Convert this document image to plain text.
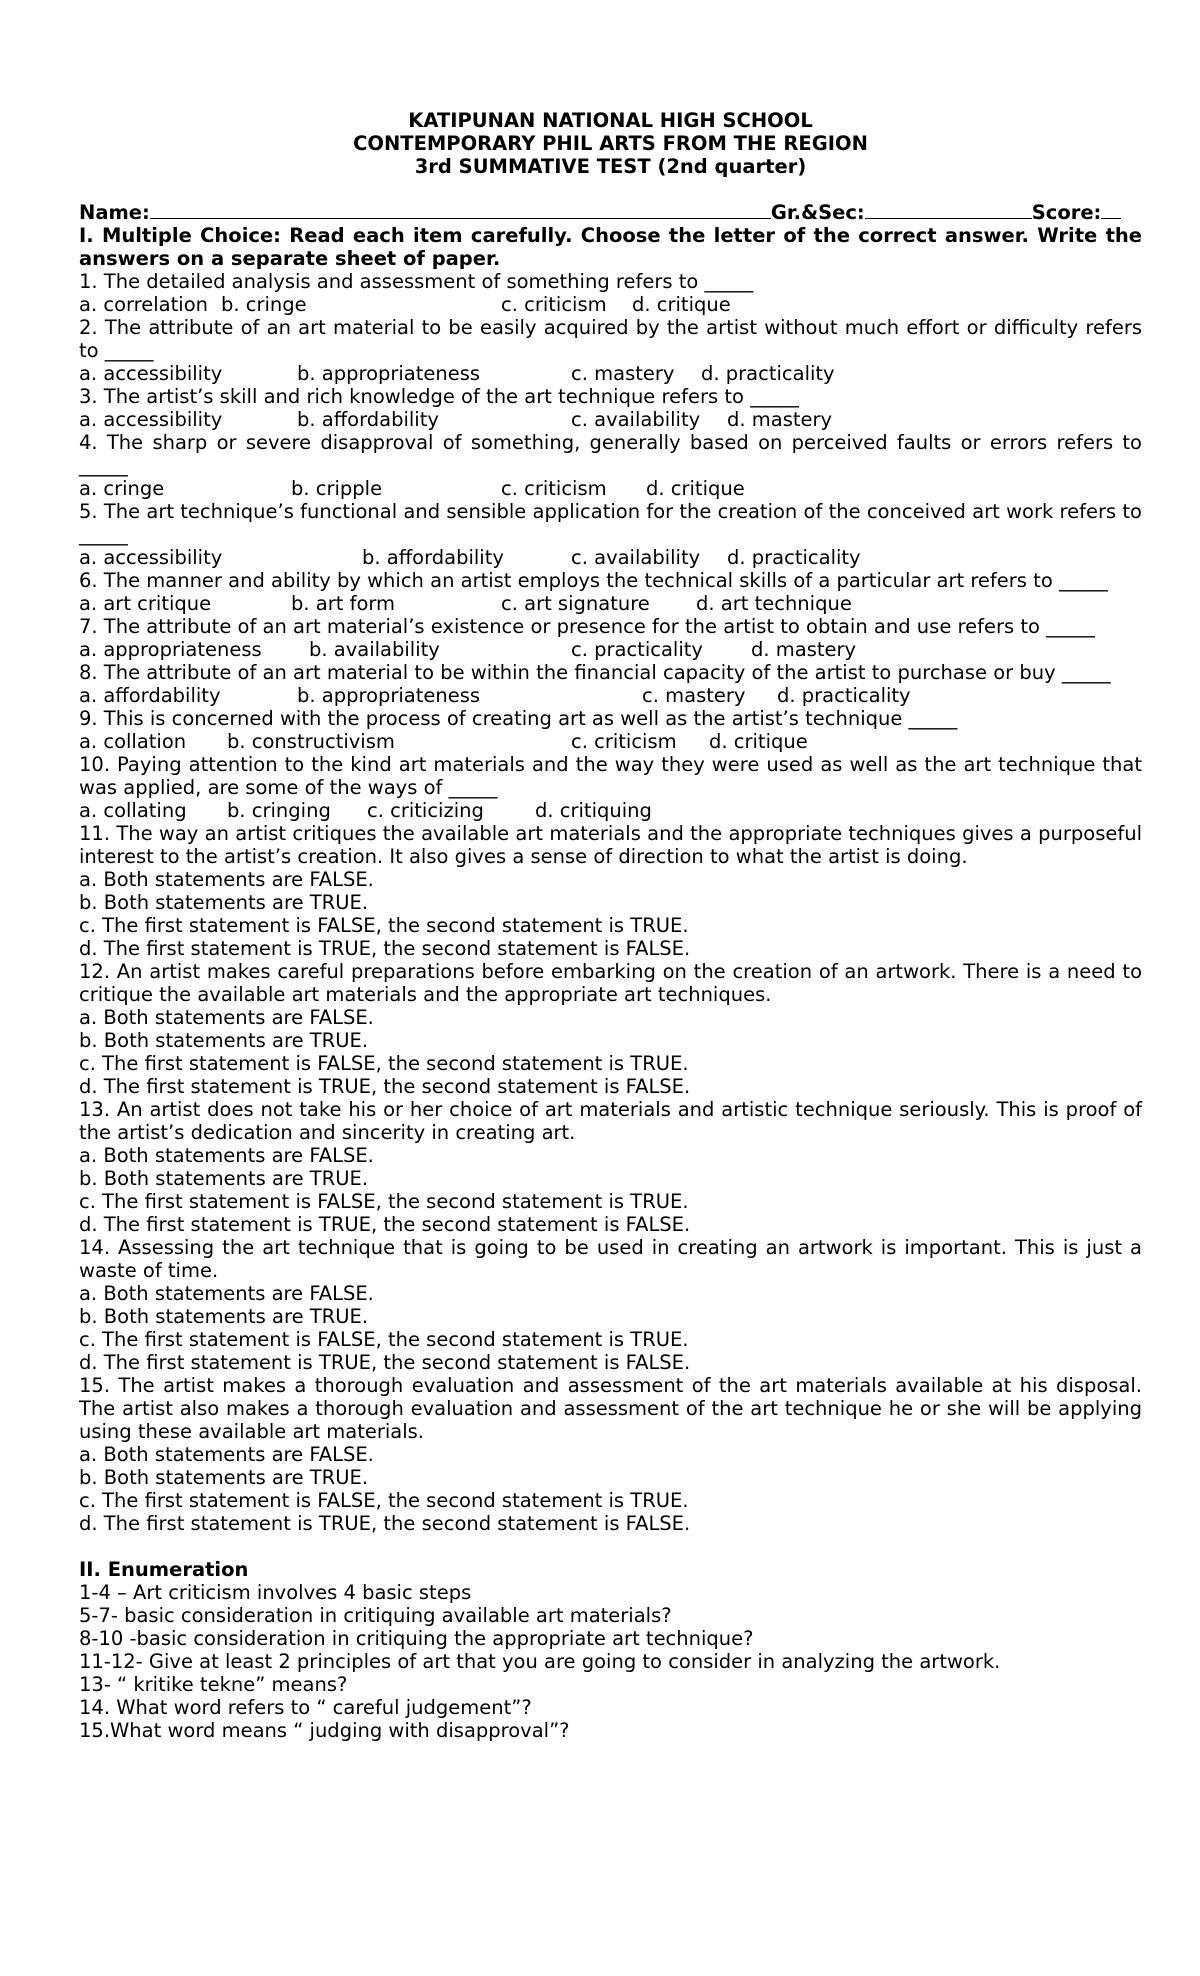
KATIPUNAN NATIONAL HIGH SCHOOL
CONTEMPORARY PHIL ARTS FROM THE REGION
3rd SUMMATIVE TEST (2nd quarter)
Name:	Gr.&Sec:	Score:
I. Multiple Choice: Read each item carefully. Choose the letter of the correct answer. Write the answers on a separate sheet of paper.
1. The detailed analysis and assessment of something refers to _____
a. correlation b. cringe	c. criticism d. critique
2. The attribute of an art material to be easily acquired by the artist without much effort or difficulty refers to _____
a. accessibility	b. appropriateness	c. mastery d. practicality
3. The artist’s skill and rich knowledge of the art technique refers to _____
a. accessibility	b. affordability	c. availability d. mastery
4. The sharp or severe disapproval of something, generally based on perceived faults or errors refers to _____
a. cringe	b. cripple	c. criticism d. critique
5. The art technique’s functional and sensible application for the creation of the conceived art work refers to _____
a. accessibility	b. affordability	c. availability d. practicality
6. The manner and ability by which an artist employs the technical skills of a particular art refers to _____
a. art critique	b. art form	c. art signature d. art technique
7. The attribute of an art material’s existence or presence for the artist to obtain and use refers to _____
a. appropriateness b. availability	c. practicality d. mastery
8. The attribute of an art material to be within the financial capacity of the artist to purchase or buy _____
a. affordability	b. appropriateness	c. mastery d. practicality
9. This is concerned with the process of creating art as well as the artist’s technique _____
a. collation b. constructivism	c. criticism d. critique
10. Paying attention to the kind art materials and the way they were used as well as the art technique that was applied, are some of the ways of _____
a. collating b. cringing c. criticizing	d. critiquing
11. The way an artist critiques the available art materials and the appropriate techniques gives a purposeful interest to the artist’s creation. It also gives a sense of direction to what the artist is doing.
a. Both statements are FALSE.
b. Both statements are TRUE.
c. The first statement is FALSE, the second statement is TRUE.
d. The first statement is TRUE, the second statement is FALSE.
12. An artist makes careful preparations before embarking on the creation of an artwork. There is a need to critique the available art materials and the appropriate art techniques.
a. Both statements are FALSE.
b. Both statements are TRUE.
c. The first statement is FALSE, the second statement is TRUE.
d. The first statement is TRUE, the second statement is FALSE.
13. An artist does not take his or her choice of art materials and artistic technique seriously. This is proof of the artist’s dedication and sincerity in creating art.
a. Both statements are FALSE.
b. Both statements are TRUE.
c. The first statement is FALSE, the second statement is TRUE.
d. The first statement is TRUE, the second statement is FALSE.
14. Assessing the art technique that is going to be used in creating an artwork is important. This is just a waste of time.
a. Both statements are FALSE.
b. Both statements are TRUE.
c. The first statement is FALSE, the second statement is TRUE.
d. The first statement is TRUE, the second statement is FALSE.
15. The artist makes a thorough evaluation and assessment of the art materials available at his disposal. The artist also makes a thorough evaluation and assessment of the art technique he or she will be applying using these available art materials.
a. Both statements are FALSE.
b. Both statements are TRUE.
c. The first statement is FALSE, the second statement is TRUE.
d. The first statement is TRUE, the second statement is FALSE.
II. Enumeration
1-4 – Art criticism involves 4 basic steps
5-7- basic consideration in critiquing available art materials?
8-10 -basic consideration in critiquing the appropriate art technique?
11-12- Give at least 2 principles of art that you are going to consider in analyzing the artwork.
13- “ kritike tekne” means?
14. What word refers to “ careful judgement”?
15.What word means “ judging with disapproval”?
